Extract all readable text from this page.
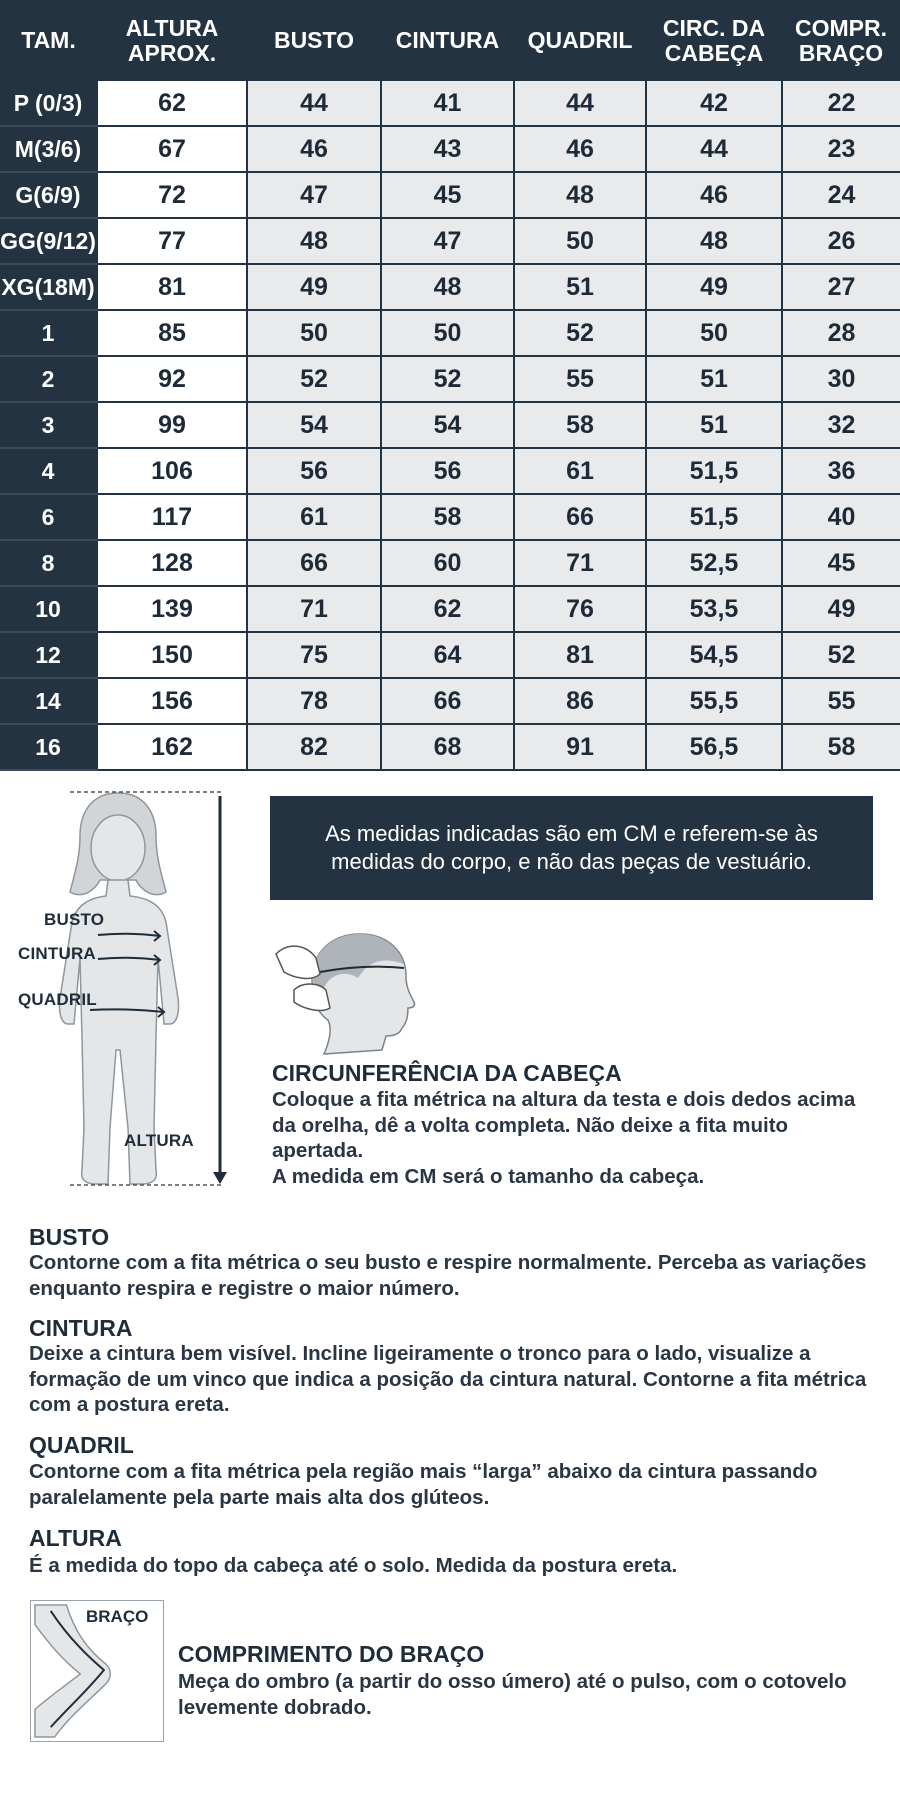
TAM.	ALTURA APROX.	BUSTO	CINTURA	QUADRIL	CIRC. DA CABEÇA	COMPR. BRAÇO
P (0/3)	62	44	41	44	42	22
M(3/6)	67	46	43	46	44	23
G(6/9)	72	47	45	48	46	24
GG(9/12)	77	48	47	50	48	26
XG(18M)	81	49	48	51	49	27
1	85	50	50	52	50	28
2	92	52	52	55	51	30
3	99	54	54	58	51	32
4	106	56	56	61	51,5	36
6	117	61	58	66	51,5	40
8	128	66	60	71	52,5	45
10	139	71	62	76	53,5	49
12	150	75	64	81	54,5	52
14	156	78	66	86	55,5	55
16	162	82	68	91	56,5	58
BUSTO
CINTURA
QUADRIL
ALTURA
As medidas indicadas são em CM e referem-se às medidas do corpo, e não das peças de vestuário.
CIRCUNFERÊNCIA DA CABEÇA
Coloque a fita métrica na altura da testa e dois dedos acima da orelha, dê a volta completa. Não deixe a fita muito apertada.
A medida em CM será o tamanho da cabeça.
BUSTO
Contorne com a fita métrica o seu busto e respire normalmente. Perceba as variações enquanto respira e registre o maior número.
CINTURA
Deixe a cintura bem visível. Incline ligeiramente o tronco para o lado, visualize a formação de um vinco que indica a posição da cintura natural. Contorne a fita métrica com a postura ereta.
QUADRIL
Contorne com a fita métrica pela região mais “larga” abaixo da cintura passando paralelamente pela parte mais alta dos glúteos.
ALTURA
É a medida do topo da cabeça até o solo. Medida da postura ereta.
BRAÇO
COMPRIMENTO DO BRAÇO
Meça do ombro (a partir do osso úmero) até o pulso, com o cotovelo levemente dobrado.
